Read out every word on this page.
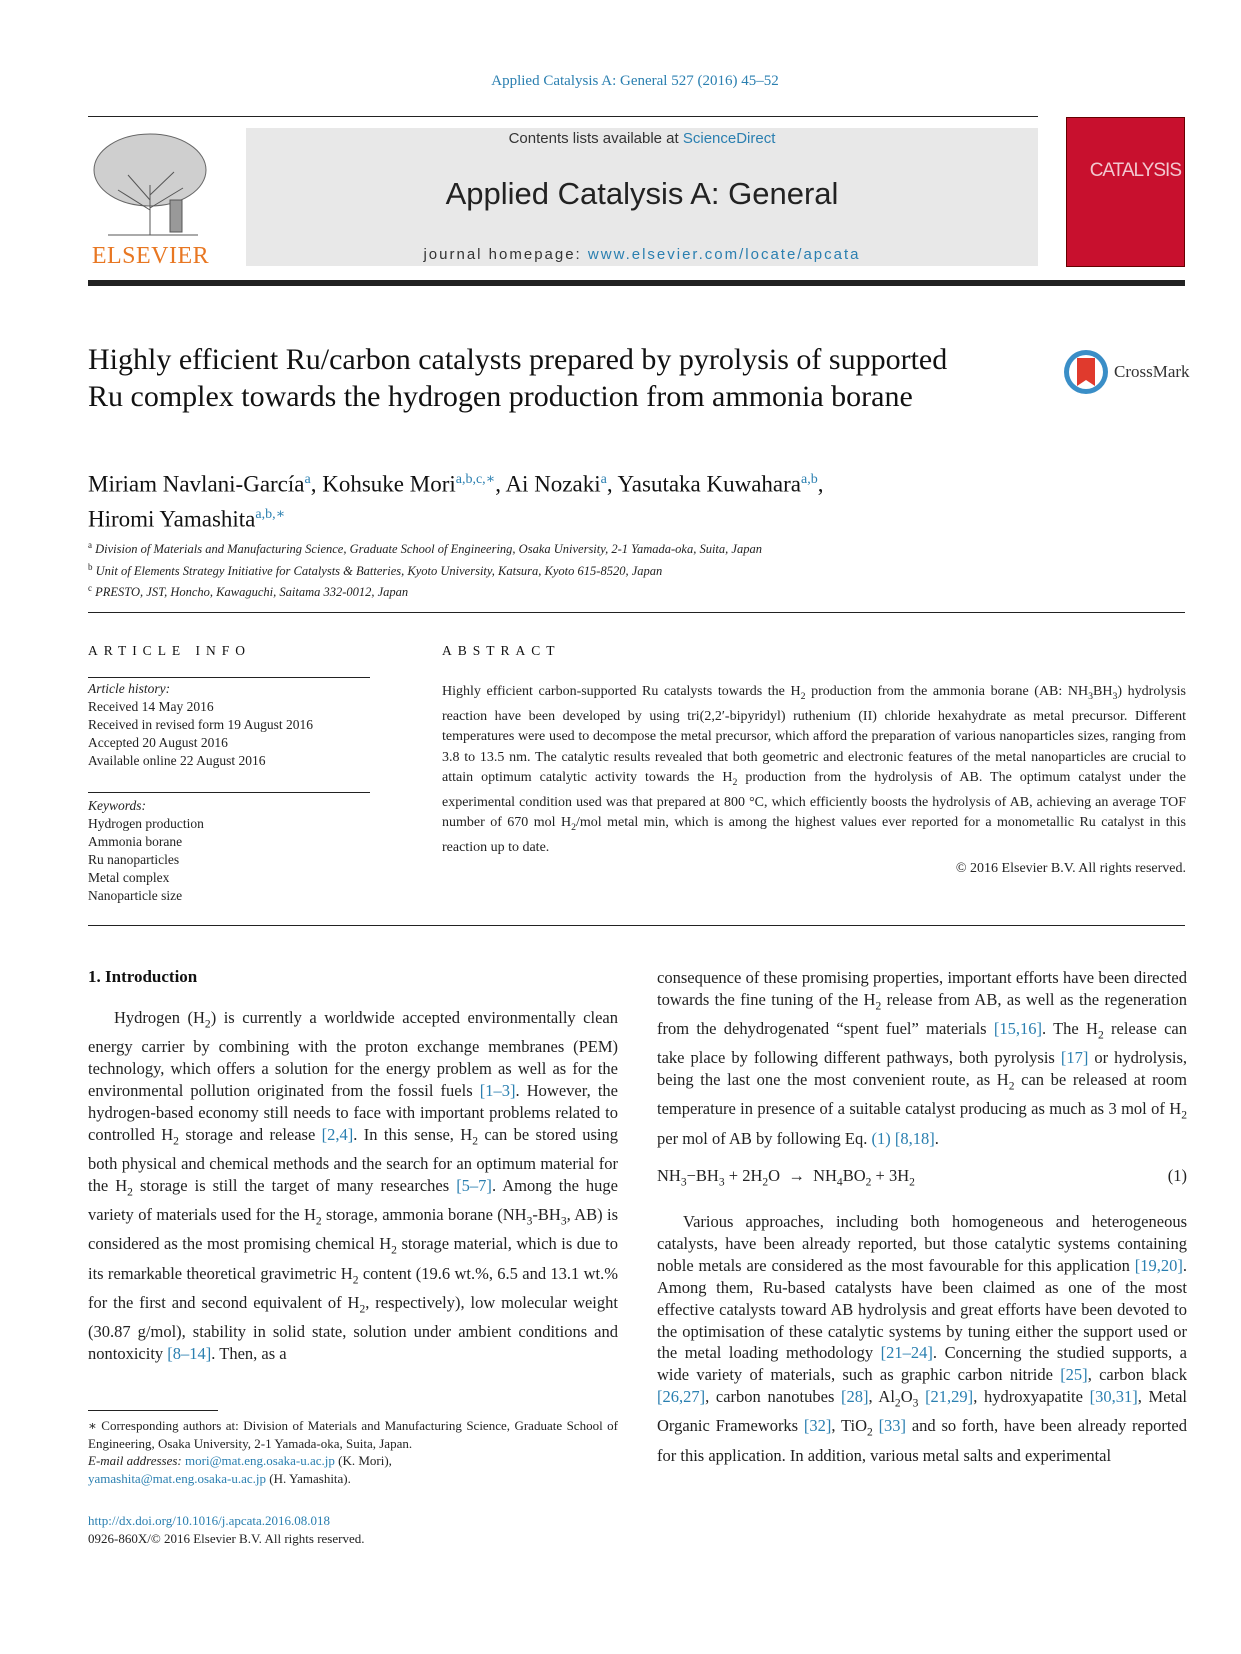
Applied Catalysis A: General 527 (2016) 45–52
ELSEVIER
Contents lists available at ScienceDirect
Applied Catalysis A: General
journal homepage: www.elsevier.com/locate/apcata
CATALYSIS
Highly efficient Ru/carbon catalysts prepared by pyrolysis of supported Ru complex towards the hydrogen production from ammonia borane
CrossMark
Miriam Navlani-García$^a$, Kohsuke Mori$^{a,b,c,∗}$, Ai Nozaki$^a$, Yasutaka Kuwahara$^{a,b}$,
Hiromi Yamashita$^{a,b,∗}$
$^a$ Division of Materials and Manufacturing Science, Graduate School of Engineering, Osaka University, 2-1 Yamada-oka, Suita, Japan
$^b$ Unit of Elements Strategy Initiative for Catalysts & Batteries, Kyoto University, Katsura, Kyoto 615-8520, Japan
$^c$ PRESTO, JST, Honcho, Kawaguchi, Saitama 332-0012, Japan
ARTICLE INFO

Article history:

Received 14 May 2016

Received in revised form 19 August 2016

Accepted 20 August 2016

Available online 22 August 2016

Keywords:

Hydrogen production

Ammonia borane

Ru nanoparticles

Metal complex

Nanoparticle size

ABSTRACT

Highly efficient carbon-supported Ru catalysts towards the $H_2$ production from the ammonia borane (AB: $NH_3BH_3$) hydrolysis reaction have been developed by using tri(2,2′-bipyridyl) ruthenium (II) chloride hexahydrate as metal precursor. Different temperatures were used to decompose the metal precursor, which afford the preparation of various nanoparticles sizes, ranging from 3.8 to 13.5 nm. The catalytic results revealed that both geometric and electronic features of the metal nanoparticles are crucial to attain optimum catalytic activity towards the $H_2$ production from the hydrolysis of AB. The optimum catalyst under the experimental condition used was that prepared at 800 °C, which efficiently boosts the hydrolysis of AB, achieving an average TOF number of 670 mol $H_2$/mol metal min, which is among the highest values ever reported for a monometallic Ru catalyst in this reaction up to date.

© 2016 Elsevier B.V. All rights reserved.

1. Introduction

Hydrogen $(H_2)$ is currently a worldwide accepted environmentally clean energy carrier by combining with the proton exchange membranes (PEM) technology, which offers a solution for the energy problem as well as for the environmental pollution originated from the fossil fuels [1–3]. However, the hydrogen-based economy still needs to face with important problems related to controlled $H_2$ storage and release [2,4]. In this sense, $H_2$ can be stored using both physical and chemical methods and the search for an optimum material for the $H_2$ storage is still the target of many researches [5–7]. Among the huge variety of materials used for the $H_2$ storage, ammonia borane ($NH_3-BH_3$, AB) is considered as the most promising chemical $H_2$ storage material, which is due to its remarkable theoretical gravimetric $H_2$ content (19.6 wt.%, 6.5 and 13.1 wt.% for the first and second equivalent of $H_2$, respectively), low molecular weight (30.87 g/mol), stability in solid state, solution under ambient conditions and nontoxicity [8–14]. Then, as a

consequence of these promising properties, important efforts have been directed towards the fine tuning of the $H_2$ release from AB, as well as the regeneration from the dehydrogenated “spent fuel” materials [15,16]. The $H_2$ release can take place by following different pathways, both pyrolysis [17] or hydrolysis, being the last one the most convenient route, as $H_2$ can be released at room temperature in presence of a suitable catalyst producing as much as 3 mol of $H_2$ per mol of AB by following Eq. (1) [8,18].

$NH_3-BH_3 + 2H_2O \to NH_4BO_2 + 3H_2$	(1)

Various approaches, including both homogeneous and heterogeneous catalysts, have been already reported, but those catalytic systems containing noble metals are considered as the most favourable for this application [19,20]. Among them, Ru-based catalysts have been claimed as one of the most effective catalysts toward AB hydrolysis and great efforts have been devoted to the optimisation of these catalytic systems by tuning either the support used or the metal loading methodology [21–24]. Concerning the studied supports, a wide variety of materials, such as graphic carbon nitride [25], carbon black [26,27], carbon nanotubes [28], $Al_2O_3$ [21,29], hydroxyapatite [30,31], Metal Organic Frameworks [32], TiO$_2$ [33] and so forth, have been already reported for this application. In addition, various metal salts and experimental

∗ Corresponding authors at: Division of Materials and Manufacturing Science, Graduate School of Engineering, Osaka University, 2-1 Yamada-oka, Suita, Japan.

E-mail addresses: mori@mat.eng.osaka-u.ac.jp (K. Mori),
yamashita@mat.eng.osaka-u.ac.jp (H. Yamashita).

http://dx.doi.org/10.1016/j.apcata.2016.08.018
0926-860X/© 2016 Elsevier B.V. All rights reserved.
